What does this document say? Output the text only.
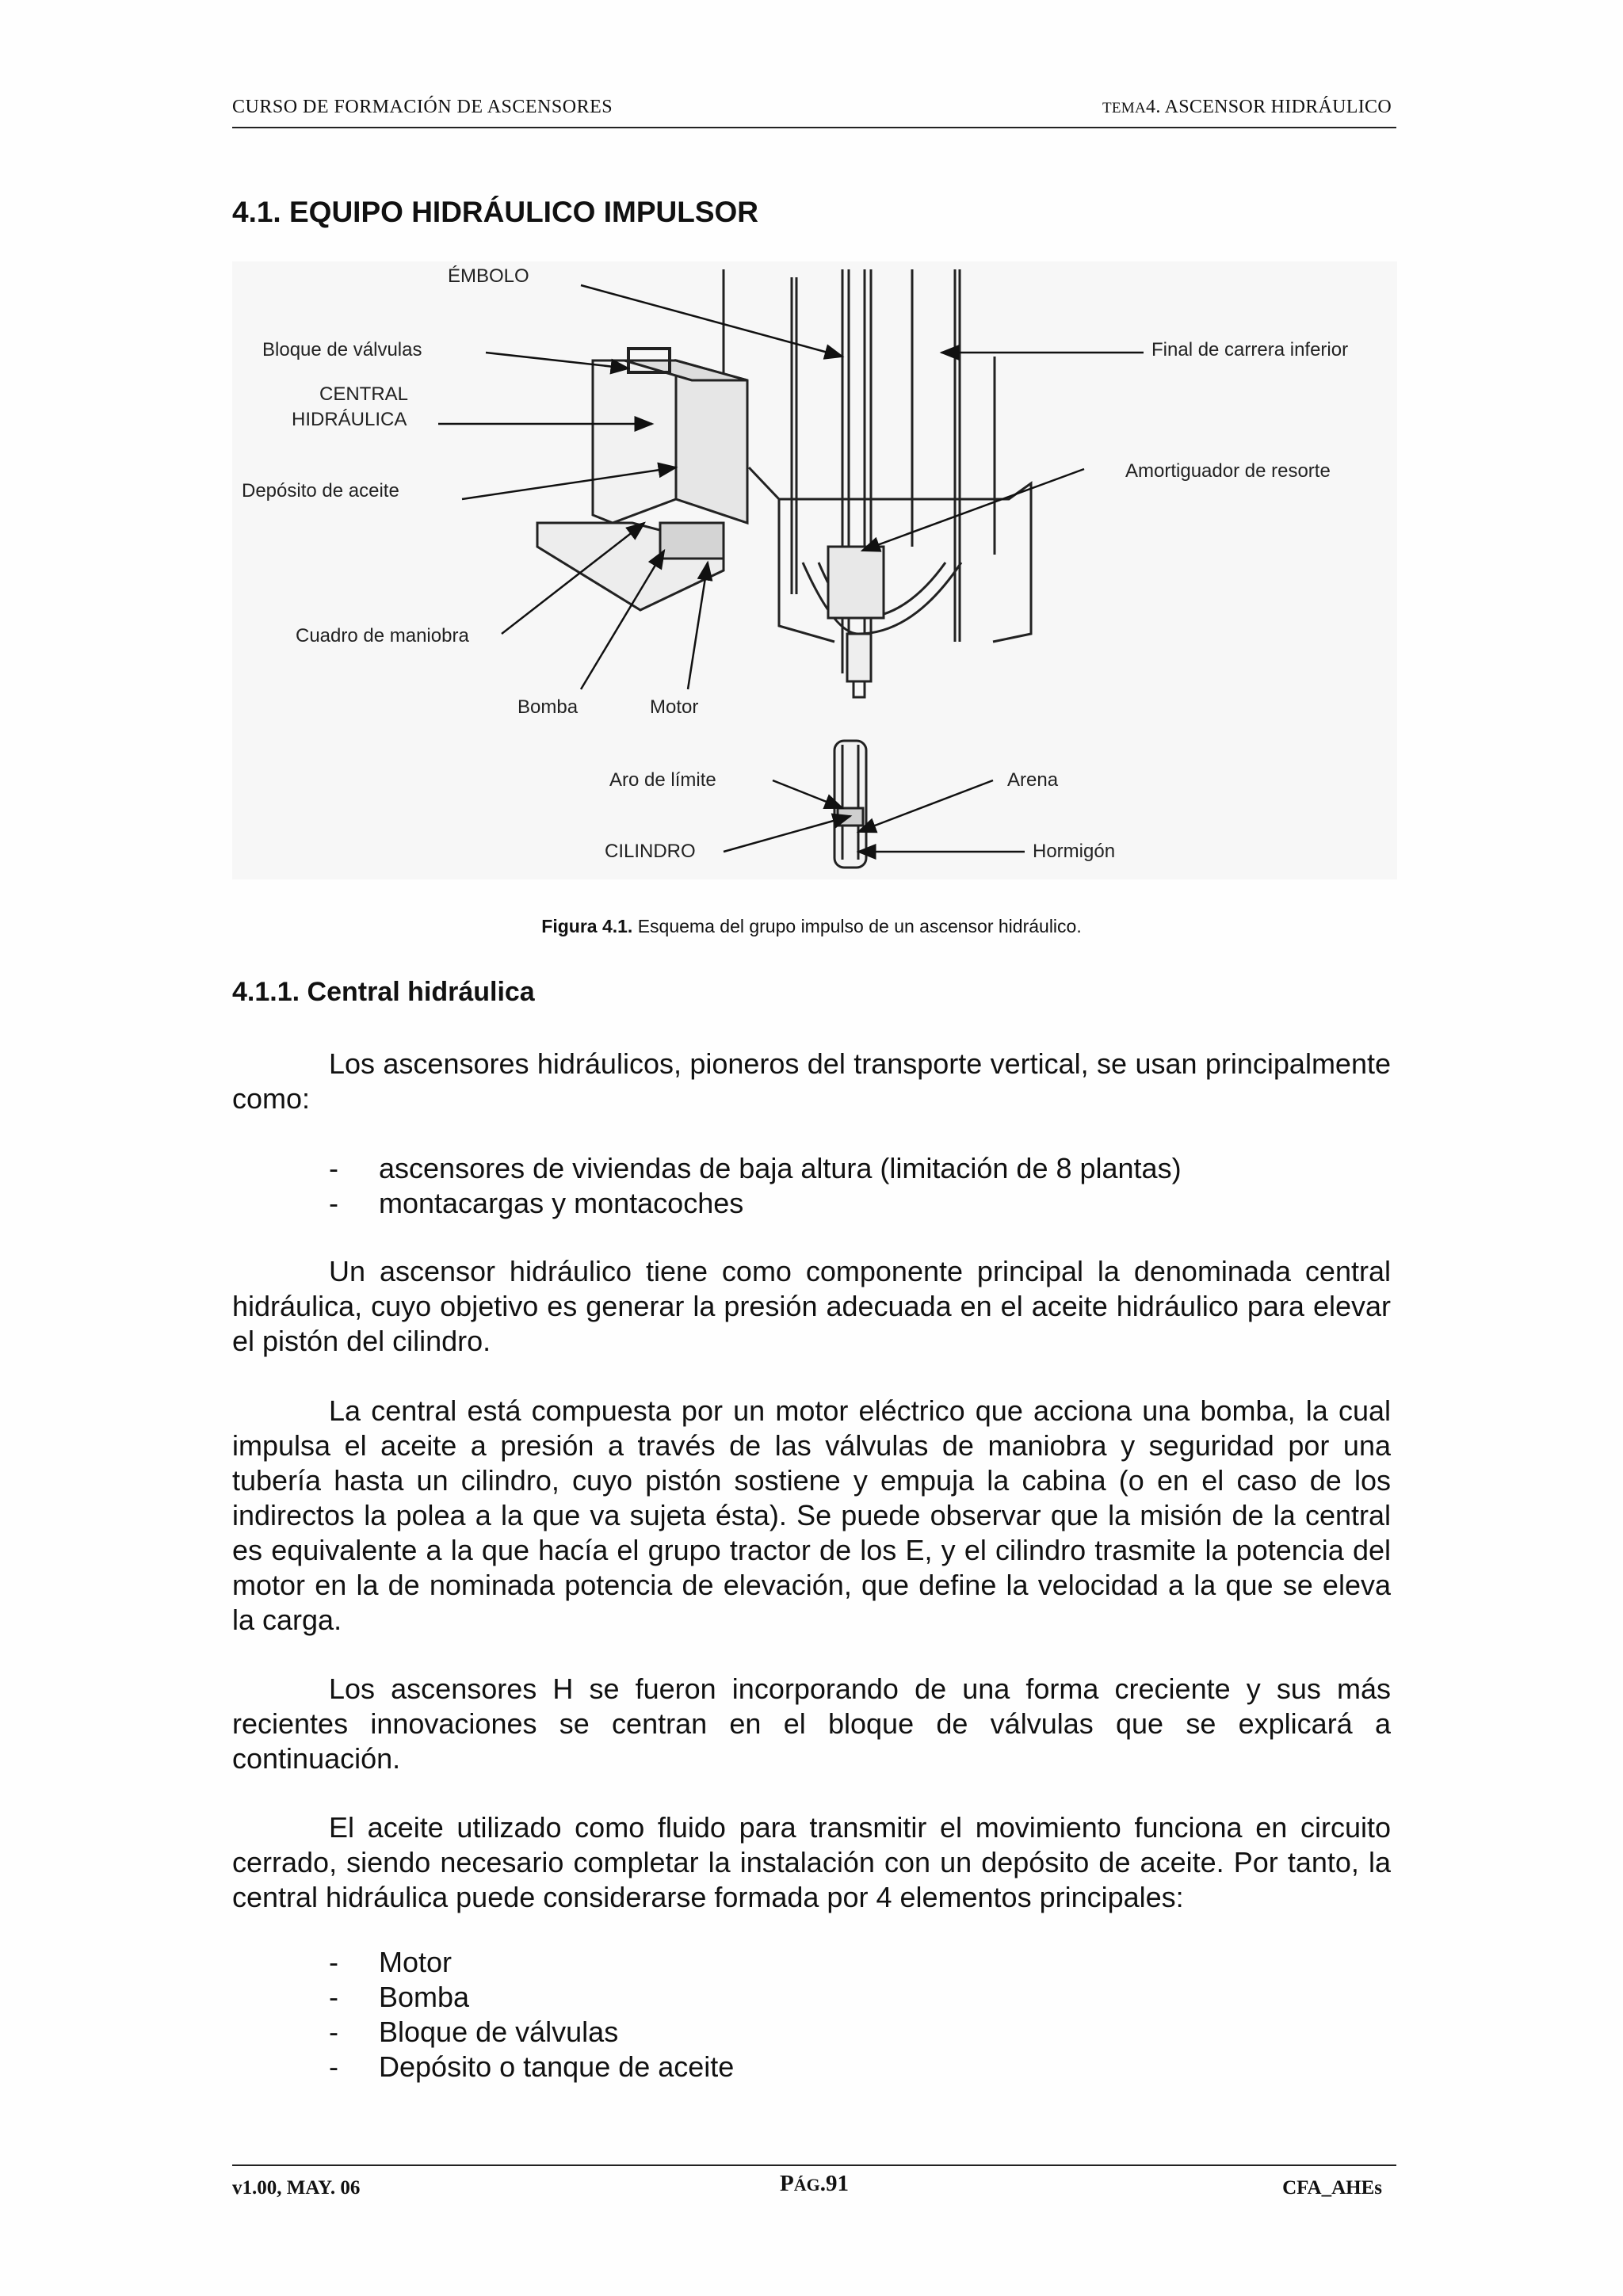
CURSO DE FORMACIÓN DE ASCENSORES	TEMA4. ASCENSOR HIDRÁULICO
4.1. EQUIPO HIDRÁULICO IMPULSOR
ÉMBOLO
Bloque de válvulas
CENTRAL
HIDRÁULICA
Depósito de aceite
Cuadro de maniobra
Bomba	Motor
Aro de límite
CILINDRO
Final de carrera inferior
Amortiguador de resorte
Arena
Hormigón
Figura 4.1. Esquema del grupo impulso de un ascensor hidráulico.
4.1.1. Central hidráulica

Los ascensores hidráulicos, pioneros del transporte vertical, se usan principalmente como:

- ascensores de viviendas de baja altura (limitación de 8 plantas)
- montacargas y montacoches

Un ascensor hidráulico tiene como componente principal la denominada central hidráulica, cuyo objetivo es generar la presión adecuada en el aceite hidráulico para elevar el pistón del cilindro.

La central está compuesta por un motor eléctrico que acciona una bomba, la cual impulsa el aceite a presión a través de las válvulas de maniobra y seguridad por una tubería hasta un cilindro, cuyo pistón sostiene y empuja la cabina (o en el caso de los indirectos la polea a la que va sujeta ésta). Se puede observar que la misión de la central es equivalente a la que hacía el grupo tractor de los E, y el cilindro trasmite la potencia del motor en la de nominada potencia de elevación, que define la velocidad a la que se eleva la carga.

Los ascensores H se fueron incorporando de una forma creciente y sus más recientes innovaciones se centran en el bloque de válvulas que se explicará a continuación.

El aceite utilizado como fluido para transmitir el movimiento funciona en circuito cerrado, siendo necesario completar la instalación con un depósito de aceite. Por tanto, la central hidráulica puede considerarse formada por 4 elementos principales:

- Motor
- Bomba
- Bloque de válvulas
- Depósito o tanque de aceite
v1.00, MAY. 06	PÁG.91	CFA_AHEs
